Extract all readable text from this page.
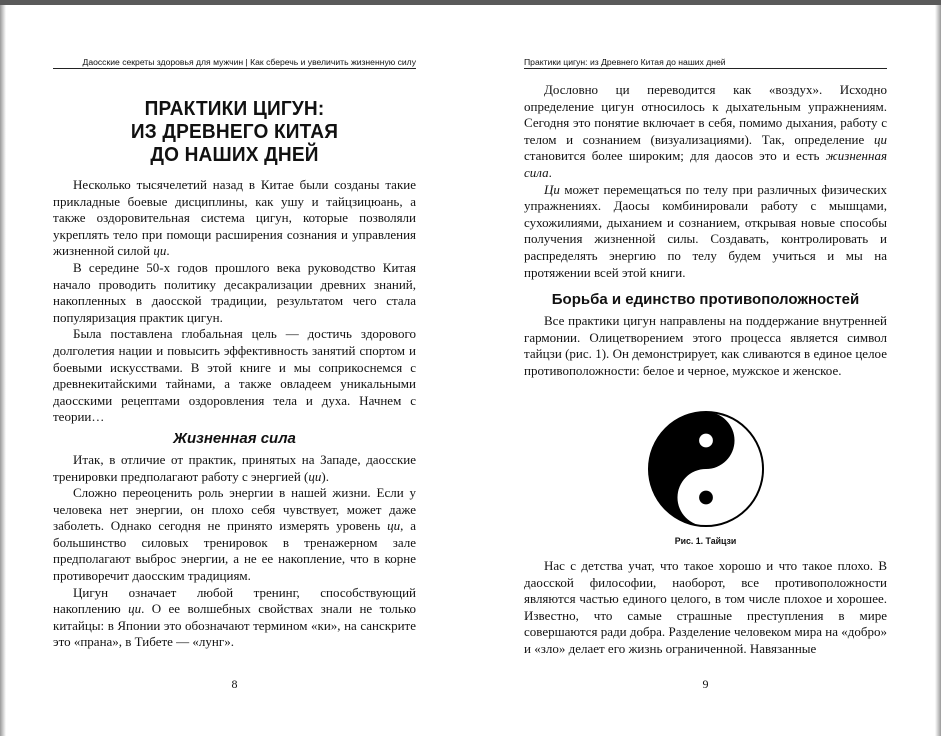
Даосские секреты здоровья для мужчин | Как сберечь и увеличить жизненную силу
ПРАКТИКИ ЦИГУН:
ИЗ ДРЕВНЕГО КИТАЯ
ДО НАШИХ ДНЕЙ

Несколько тысячелетий назад в Китае были созданы такие прикладные боевые дисциплины, как ушу и тайцзицюань, а также оздоровительная система цигун, которые позволяли укреплять тело при помощи расширения сознания и управления жизненной силой ци.

В середине 50-х годов прошлого века руководство Китая начало проводить политику десакрализации древних знаний, накопленных в даосской традиции, результатом чего стала популяризация практик цигун.

Была поставлена глобальная цель — достичь здорового долголетия нации и повысить эффективность занятий спортом и боевыми искусствами. В этой книге и мы соприкоснемся с древнекитайскими тайнами, а также овладеем уникальными даосскими рецептами оздоровления тела и духа. Начнем с теории…

Жизненная сила

Итак, в отличие от практик, принятых на Западе, даосские тренировки предполагают работу с энергией (ци).

Сложно переоценить роль энергии в нашей жизни. Если у человека нет энергии, он плохо себя чувствует, может даже заболеть. Однако сегодня не принято измерять уровень ци, а большинство силовых тренировок в тренажерном зале предполагают выброс энергии, а не ее накопление, что в корне противоречит даосским традициям.

Цигун означает любой тренинг, способствующий накоплению ци. О ее волшебных свойствах знали не только китайцы: в Японии это обозначают термином «ки», на санскрите это «прана», в Тибете — «лунг».

8
Практики цигун: из Древнего Китая до наших дней

Дословно ци переводится как «воздух». Исходно определение цигун относилось к дыхательным упражнениям. Сегодня это понятие включает в себя, помимо дыхания, работу с телом и сознанием (визуализациями). Так, определение ци становится более широким; для даосов это и есть жизненная сила.

Ци может перемещаться по телу при различных физических упражнениях. Даосы комбинировали работу с мышцами, сухожилиями, дыханием и сознанием, открывая новые способы получения жизненной силы. Создавать, контролировать и распределять энергию по телу будем учиться и мы на протяжении всей этой книги.

Борьба и единство противоположностей

Все практики цигун направлены на поддержание внутренней гармонии. Олицетворением этого процесса является символ тайцзи (рис. 1). Он демонстрирует, как сливаются в единое целое противоположности: белое и черное, мужское и женское.

Рис. 1. Тайцзи

Нас с детства учат, что такое хорошо и что такое плохо. В даосской философии, наоборот, все противоположности являются частью единого целого, в том числе плохое и хорошее. Известно, что самые страшные преступления в мире совершаются ради добра. Разделение человеком мира на «добро» и «зло» делает его жизнь ограниченной. Навязанные

9
